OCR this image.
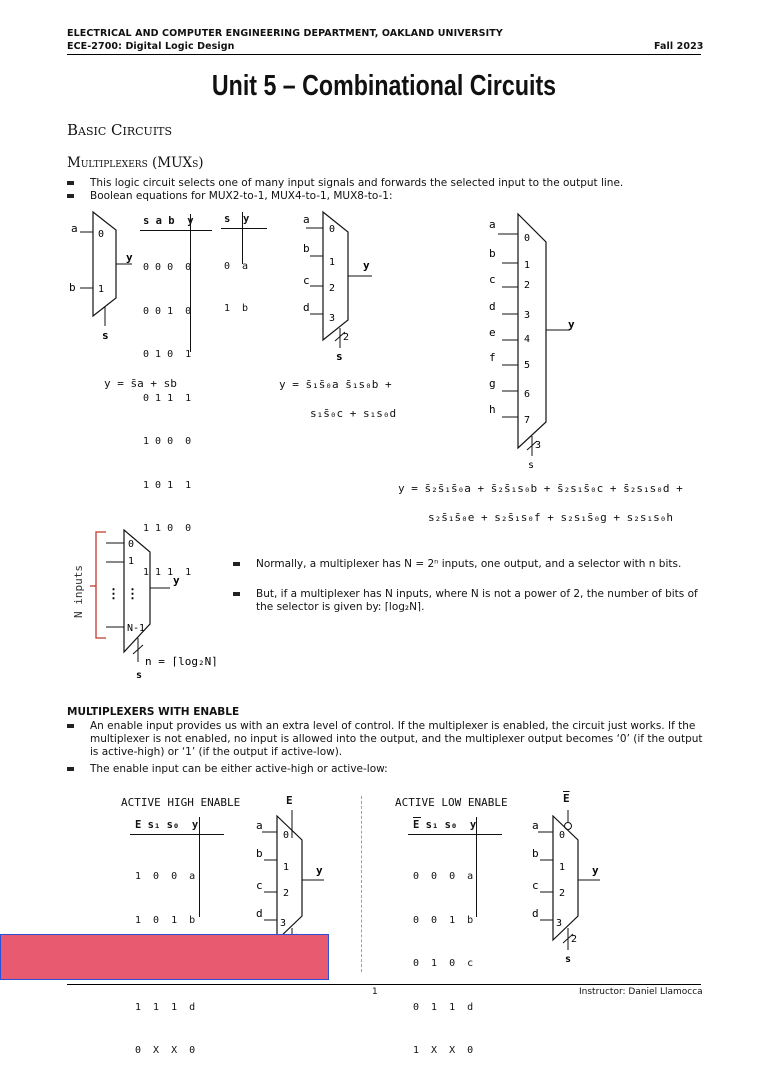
ELECTRICAL AND COMPUTER ENGINEERING DEPARTMENT, OAKLAND UNIVERSITY
ECE-2700: Digital Logic Design	Fall 2023
Unit 5 – Combinational Circuits
Basic Circuits
Multiplexers (MUXs)
This logic circuit selects one of many input signals and forwards the selected input to the output line.
Boolean equations for MUX2-to-1, MUX4-to-1, MUX8-to-1:
a
b
0
1
y
s
s a b  y

0 0 0  0

0 0 1  0

0 1 0  1

0 1 1  1

1 0 0  0

1 0 1  1

1 1 0  0

1 1 1  1

s  y

0  a

1  b

y = s̄a + sb
a
b
c
d
0
1
2
3
y
2
s
y = s̄₁s̄₀a s̄₁s₀b +
s₁s̄₀c + s₁s₀d
a
b
c
d
e
f
g
h
0
1
2
3
4
5
6
7
y
3
s
y = s̄₂s̄₁s̄₀a + s̄₂s̄₁s₀b + s̄₂s₁s̄₀c + s̄₂s₁s₀d +
s₂s̄₁s̄₀e + s₂s̄₁s₀f + s₂s₁s̄₀g + s₂s₁s₀h
N inputs
0
1
N-1
⋮ ⋮
y
n = ⌈log₂N⌉
s
Normally, a multiplexer has N = 2ⁿ inputs, one output, and a selector with n bits.
But, if a multiplexer has N inputs, where N is not a power of 2, the number of bits of the selector is given by: ⌈log₂N⌉.
MULTIPLEXERS WITH ENABLE
An enable input provides us with an extra level of control. If the multiplexer is enabled, the circuit just works. If the multiplexer is not enabled, no input is allowed into the output, and the multiplexer output becomes ‘0’ (if the output is active-high) or ‘1’ (if the output if active-low).
The enable input can be either active-high or active-low:
ACTIVE HIGH ENABLE	E
E s₁ s₀  y

1  0  0  a

1  0  1  b

1  1  1  d

0  X  X  0

a
b
c
d
0
1
2
3
y
ACTIVE LOW ENABLE	$\overline{E}$
E s₁ s₀  y

0  0  0  a

0  0  1  b

0  1  0  c

0  1  1  d

1  X  X  0

a
b
c
d
0
1
2
3
y
2
s
1	Instructor: Daniel Llamocca
